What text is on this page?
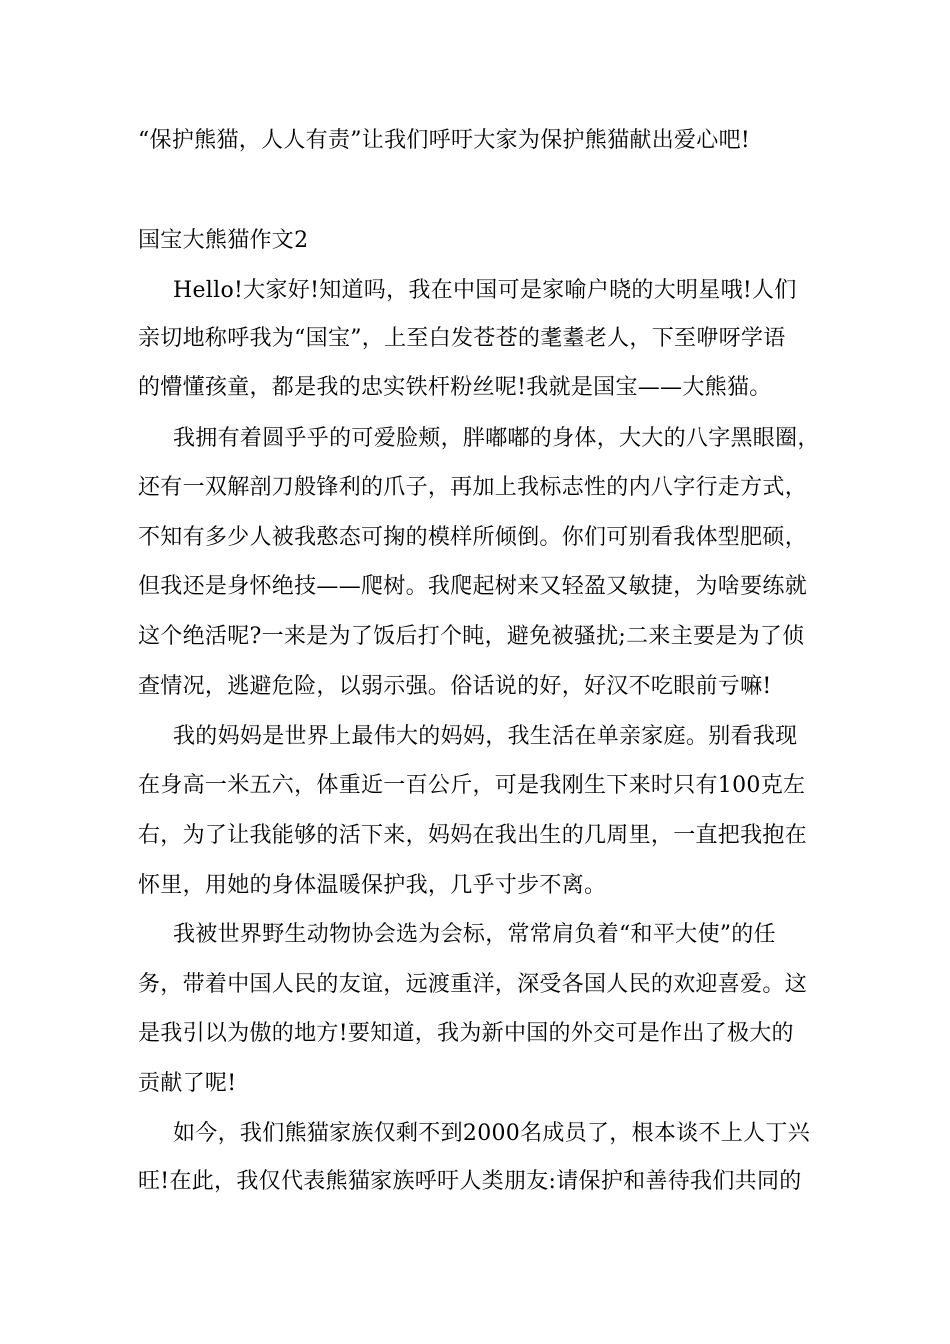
“保护熊猫，人人有责”让我们呼吁大家为保护熊猫献出爱心吧!
国宝大熊猫作文2
Hello!大家好!知道吗，我在中国可是家喻户晓的大明星哦!人们
亲切地称呼我为“国宝”，上至白发苍苍的耄耋老人，下至咿呀学语
的懵懂孩童，都是我的忠实铁杆粉丝呢!我就是国宝——大熊猫。
我拥有着圆乎乎的可爱脸颊，胖嘟嘟的身体，大大的八字黑眼圈，
还有一双解剖刀般锋利的爪子，再加上我标志性的内八字行走方式，
不知有多少人被我憨态可掬的模样所倾倒。你们可别看我体型肥硕，
但我还是身怀绝技——爬树。我爬起树来又轻盈又敏捷，为啥要练就
这个绝活呢?一来是为了饭后打个盹，避免被骚扰;二来主要是为了侦
查情况，逃避危险，以弱示强。俗话说的好，好汉不吃眼前亏嘛!
我的妈妈是世界上最伟大的妈妈，我生活在单亲家庭。别看我现
在身高一米五六，体重近一百公斤，可是我刚生下来时只有100克左
右，为了让我能够的活下来，妈妈在我出生的几周里，一直把我抱在
怀里，用她的身体温暖保护我，几乎寸步不离。
我被世界野生动物协会选为会标，常常肩负着“和平大使”的任
务，带着中国人民的友谊，远渡重洋，深受各国人民的欢迎喜爱。这
是我引以为傲的地方!要知道，我为新中国的外交可是作出了极大的
贡献了呢!
如今，我们熊猫家族仅剩不到2000名成员了，根本谈不上人丁兴
旺!在此，我仅代表熊猫家族呼吁人类朋友:请保护和善待我们共同的
